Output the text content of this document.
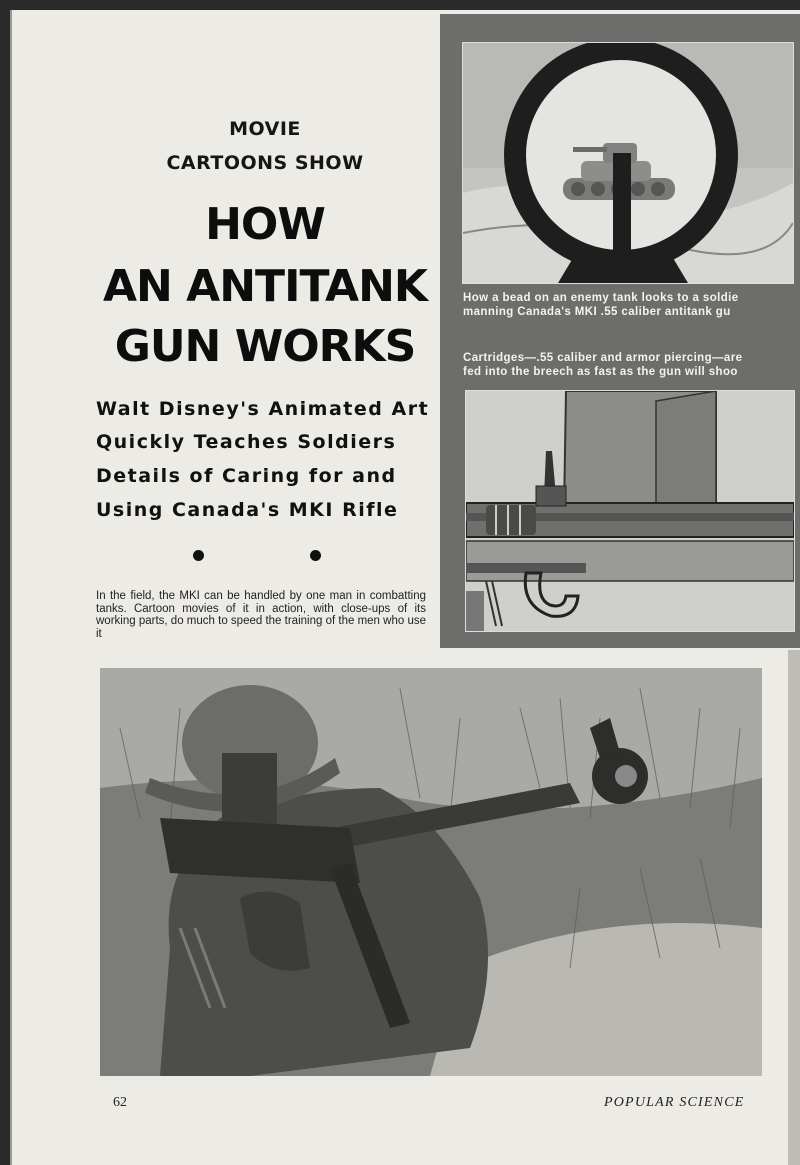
MOVIE
CARTOONS SHOW
HOW
AN ANTITANK
GUN WORKS
Walt Disney's Animated Art
Quickly Teaches Soldiers
Details of Caring for and
Using Canada's MKI Rifle
In the field, the MKI can be handled by one man in combatting tanks. Cartoon movies of it in action, with close-ups of its working parts, do much to speed the training of the men who use it
How a bead on an enemy tank looks to a soldie
manning Canada's MKI .55 caliber antitank gu
Cartridges—.55 caliber and armor piercing—are
fed into the breech as fast as the gun will shoo
62	POPULAR SCIENCE
